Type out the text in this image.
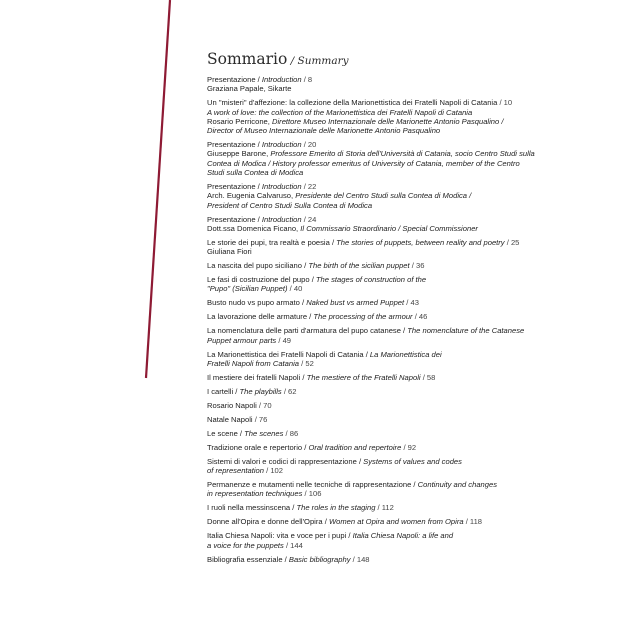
Sommario / Summary
Presentazione / Introduction / 8
Graziana Papale, Sikarte
Un "misteri" d'affezione: la collezione della Marionettistica dei Fratelli Napoli di Catania / 10
A work of love: the collection of the Marionettistica dei Fratelli Napoli di Catania
Rosario Perricone, Direttore Museo Internazionale delle Marionette Antonio Pasqualino /
Director of Museo Internazionale delle Marionette Antonio Pasqualino
Presentazione / Introduction / 20
Giuseppe Barone, Professore Emerito di Storia dell'Università di Catania, socio Centro Studi sulla
Contea di Modica / History professor emeritus of University of Catania, member of the Centro
Studi sulla Contea di Modica
Presentazione / Introduction / 22
Arch. Eugenia Calvaruso, Presidente del Centro Studi sulla Contea di Modica /
President of Centro Studi Sulla Contea di Modica
Presentazione / Introduction / 24
Dott.ssa Domenica Ficano, Il Commissario Straordinario / Special Commissioner
Le storie dei pupi, tra realtà e poesia / The stories of puppets, between reality and poetry / 25
Giuliana Fiori
La nascita del pupo siciliano / The birth of the sicilian puppet / 36
Le fasi di costruzione del pupo / The stages of construction of the
"Pupo" (Sicilian Puppet) / 40
Busto nudo vs pupo armato / Naked bust vs armed Puppet / 43
La lavorazione delle armature / The processing of the armour / 46
La nomenclatura delle parti d'armatura del pupo catanese / The nomenclature of the Catanese
Puppet armour parts / 49
La Marionettistica dei Fratelli Napoli di Catania / La Marionettistica dei
Fratelli Napoli from Catania / 52
Il mestiere dei fratelli Napoli / The mestiere of the Fratelli Napoli / 58
I cartelli / The playbills / 62
Rosario Napoli / 70
Natale Napoli / 76
Le scene / The scenes / 86
Tradizione orale e repertorio / Oral tradition and repertoire / 92
Sistemi di valori e codici di rappresentazione / Systems of values and codes
of representation / 102
Permanenze e mutamenti nelle tecniche di rappresentazione / Continuity and changes
in representation techniques / 106
I ruoli nella messinscena / The roles in the staging / 112
Donne all'Opira e donne dell'Opira / Women at Opira and women from Opira / 118
Italia Chiesa Napoli: vita e voce per i pupi / Italia Chiesa Napoli: a life and
a voice for the puppets / 144
Bibliografia essenziale / Basic bibliography / 148
